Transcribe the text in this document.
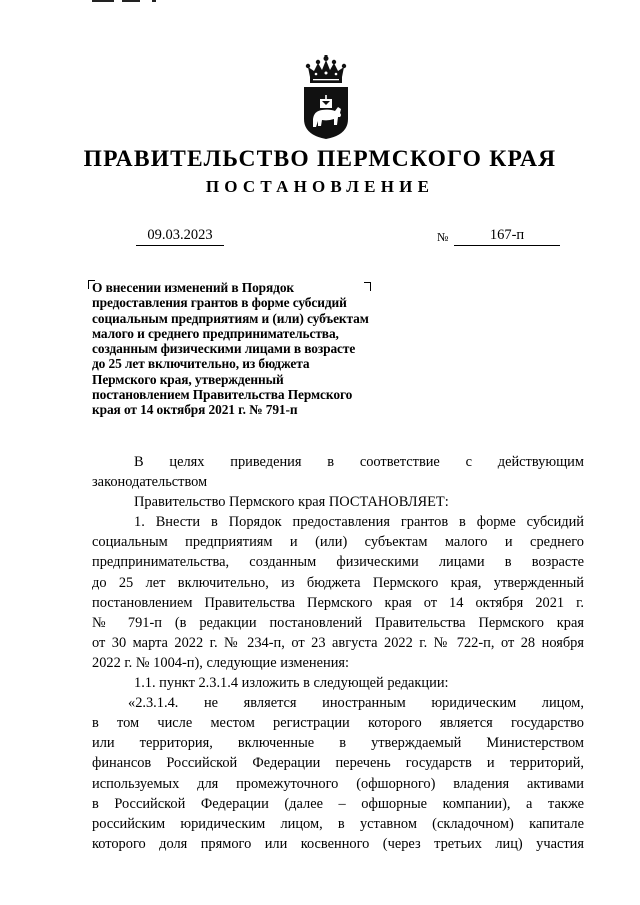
ПРАВИТЕЛЬСТВО ПЕРМСКОГО КРАЯ
ПОСТАНОВЛЕНИЕ
09.03.2023	№	167-п
О внесении изменений в Порядок
предоставления грантов в форме субсидий
социальным предприятиям и (или) субъектам
малого и среднего предпринимательства,
созданным физическими лицами в возрасте
до 25 лет включительно, из бюджета
Пермского края, утвержденный
постановлением Правительства Пермского
края от 14 октября 2021 г. № 791-п
В целях приведения в соответствие с действующим
законодательством
Правительство Пермского края ПОСТАНОВЛЯЕТ:
1. Внести в Порядок предоставления грантов в форме субсидий
социальным предприятиям и (или) субъектам малого и среднего
предпринимательства, созданным физическими лицами в возрасте
до 25 лет включительно, из бюджета Пермского края, утвержденный
постановлением Правительства Пермского края от 14 октября 2021 г.
№ 791-п (в редакции постановлений Правительства Пермского края
от 30 марта 2022 г. № 234-п, от 23 августа 2022 г. № 722-п, от 28 ноября
2022 г. № 1004-п), следующие изменения:
1.1. пункт 2.3.1.4 изложить в следующей редакции:
«2.3.1.4. не является иностранным юридическим лицом,
в том числе местом регистрации которого является государство
или территория, включенные в утверждаемый Министерством
финансов Российской Федерации перечень государств и территорий,
используемых для промежуточного (офшорного) владения активами
в Российской Федерации (далее – офшорные компании), а также
российским юридическим лицом, в уставном (складочном) капитале
которого доля прямого или косвенного (через третьих лиц) участия
